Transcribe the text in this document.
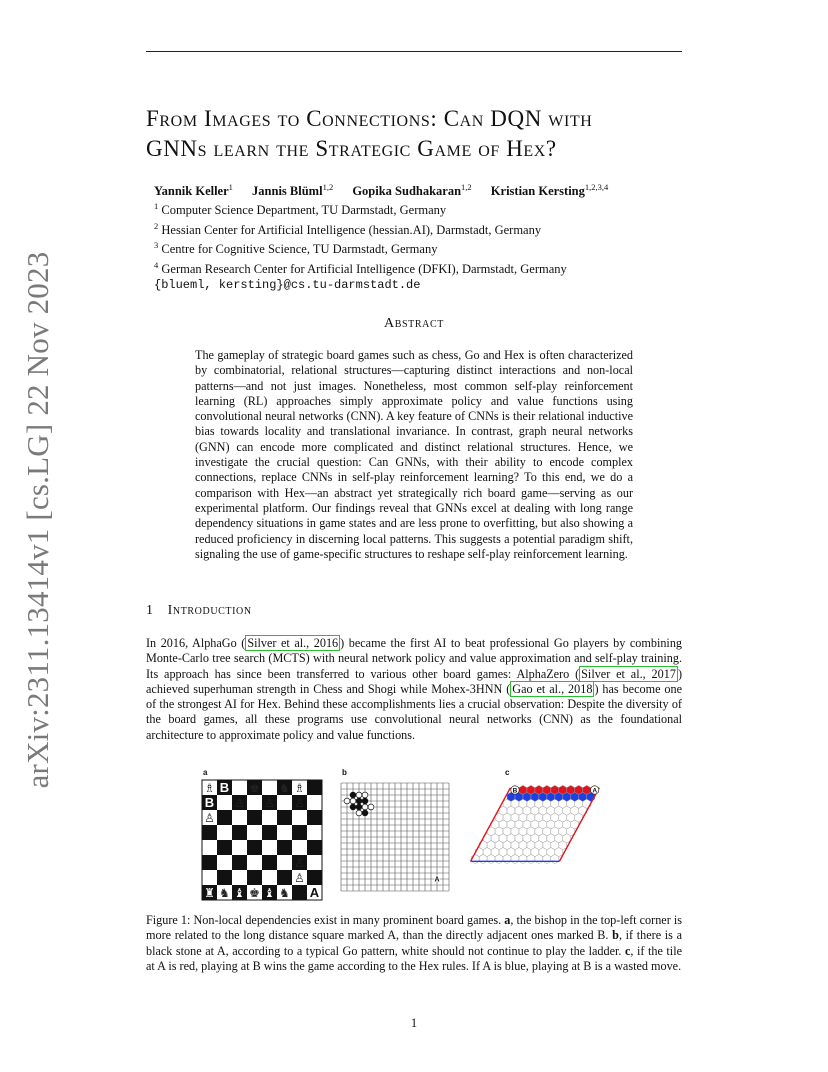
arXiv:2311.13414v1 [cs.LG] 22 Nov 2023
From Images to Connections: Can DQN with
GNNs learn the Strategic Game of Hex?
Yannik Keller$^1$ Jannis Blüml$^{1,2}$ Gopika Sudhakaran$^{1,2}$ Kristian Kersting$^{1,2,3,4}$
$^1$ Computer Science Department, TU Darmstadt, Germany
$^2$ Hessian Center for Artificial Intelligence (hessian.AI), Darmstadt, Germany
$^3$ Centre for Cognitive Science, TU Darmstadt, Germany
$^4$ German Research Center for Artificial Intelligence (DFKI), Darmstadt, Germany
{blueml, kersting}@cs.tu-darmstadt.de
Abstract
The gameplay of strategic board games such as chess, Go and Hex is often characterized by combinatorial, relational structures—capturing distinct interactions and non-local patterns—and not just images. Nonetheless, most common self-play reinforcement learning (RL) approaches simply approximate policy and value functions using convolutional neural networks (CNN). A key feature of CNNs is their relational inductive bias towards locality and translational invariance. In contrast, graph neural networks (GNN) can encode more complicated and distinct relational structures. Hence, we investigate the crucial question: Can GNNs, with their ability to encode complex connections, replace CNNs in self-play reinforcement learning? To this end, we do a comparison with Hex—an abstract yet strategically rich board game—serving as our experimental platform. Our findings reveal that GNNs excel at dealing with long range dependency situations in game states and are less prone to overfitting, but also showing a reduced proficiency in discerning local patterns. This suggests a potential paradigm shift, signaling the use of game-specific structures to reshape self-play reinforcement learning.
1 Introduction
In 2016, AlphaGo ( Silver et al., 2016 ) became the first AI to beat professional Go players by combining Monte-Carlo tree search (MCTS) with neural network policy and value approximation and self-play training. Its approach has since been transferred to various other board games: AlphaZero ( Silver et al., 2017 ) achieved superhuman strength in Chess and Shogi while Mohex-3HNN ( Gao et al., 2018 ) has become one of the strongest AI for Hex. Behind these accomplishments lies a crucial observation: Despite the diversity of the board games, all these programs use convolutional neural networks (CNN) as the foundational architecture to approximate policy and value functions.
a	b	c
♗ ♛ ♚ ♝ ♞ ♗
♟ ♙ ♙ ♙ ♙ ♙
♙ ♟
♙
♟ ♟ ♟ ♟ ♟ ♟ ♙
♜ ♞ ♝ ♚ ♝ ♞
B
B
A
A
B	A
Figure 1: Non-local dependencies exist in many prominent board games. a, the bishop in the top-left corner is more related to the long distance square marked A, than the directly adjacent ones marked B. b, if there is a black stone at A, according to a typical Go pattern, white should not continue to play the ladder. c, if the tile at A is red, playing at B wins the game according to the Hex rules. If A is blue, playing at B is a wasted move.
1
